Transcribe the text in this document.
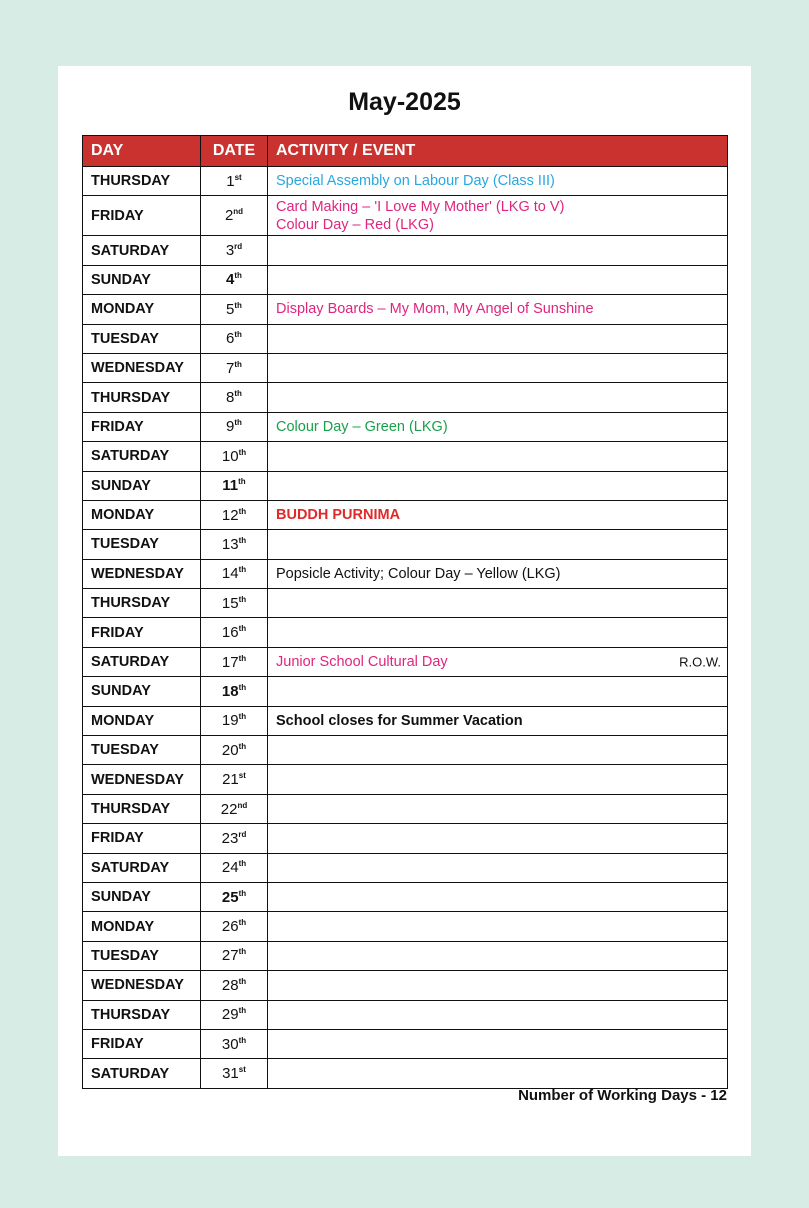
May-2025
DAY	DATE	ACTIVITY / EVENT
THURSDAY	1st	Special Assembly on Labour Day (Class III)

FRIDAY	2nd	Card Making – 'I Love My Mother' (LKG to V)
Colour Day – Red (LKG)

SATURDAY	3rd	
SUNDAY	4th	
MONDAY	5th	Display Boards – My Mom, My Angel of Sunshine

TUESDAY	6th	
WEDNESDAY	7th	
THURSDAY	8th	
FRIDAY	9th	Colour Day – Green (LKG)

SATURDAY	10th	
SUNDAY	11th	
MONDAY	12th	BUDDH PURNIMA

TUESDAY	13th	
WEDNESDAY	14th	Popsicle Activity; Colour Day – Yellow (LKG)

THURSDAY	15th	
FRIDAY	16th	
SATURDAY	17th	Junior School Cultural Day R.O.W.

SUNDAY	18th	
MONDAY	19th	School closes for Summer Vacation

TUESDAY	20th	
WEDNESDAY	21st	
THURSDAY	22nd	
FRIDAY	23rd	
SATURDAY	24th	
SUNDAY	25th	
MONDAY	26th	
TUESDAY	27th	
WEDNESDAY	28th	
THURSDAY	29th	
FRIDAY	30th	
SATURDAY	31st	
Number of Working Days - 12
